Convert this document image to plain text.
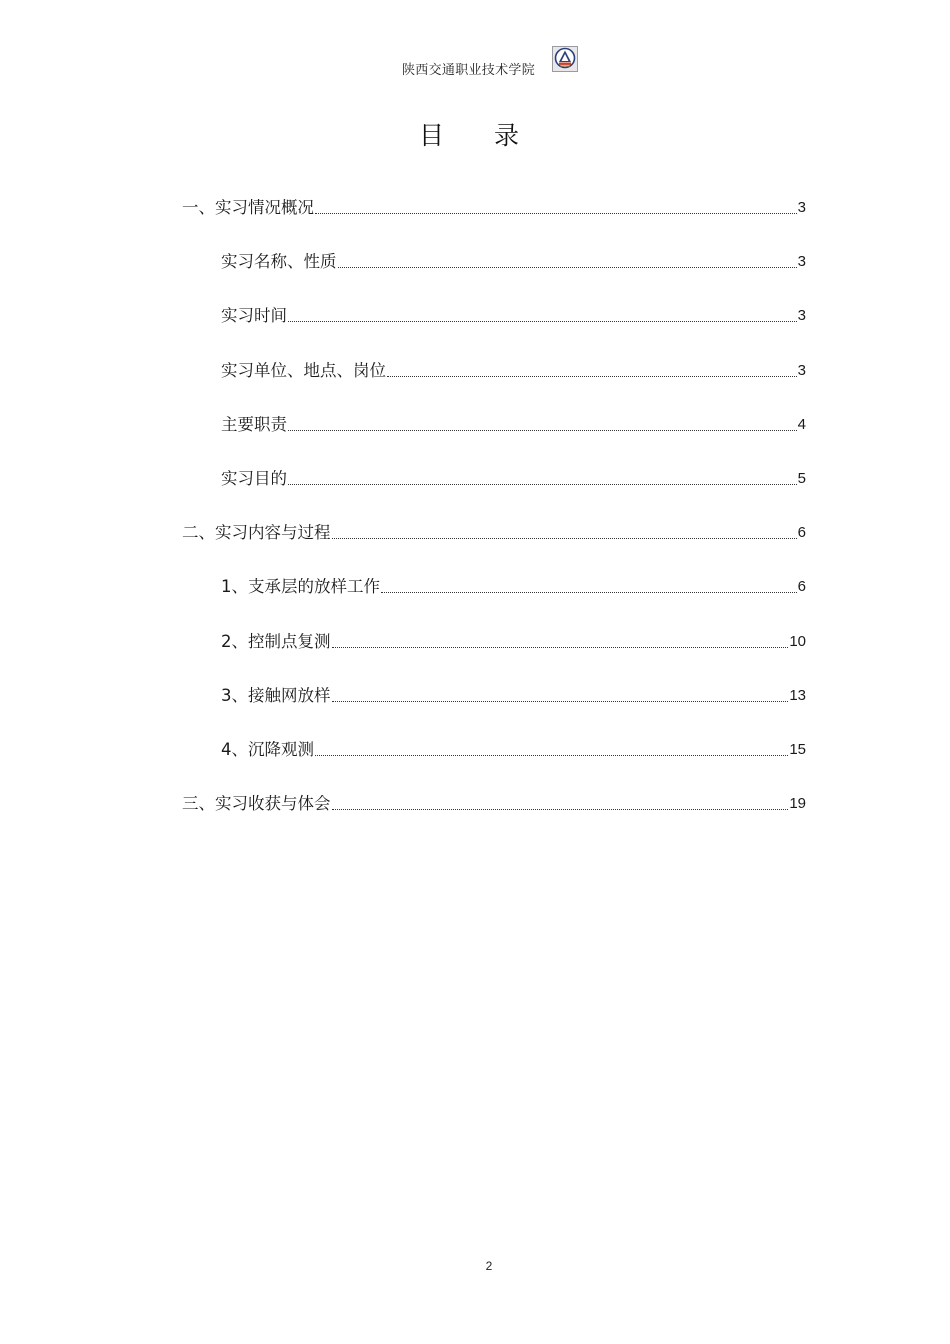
陕西交通职业技术学院
目录
一、实习情况概况	3
实习名称、性质	3
实习时间	3
实习单位、地点、岗位	3
主要职责	4
实习目的	5
二、实习内容与过程	6
1、支承层的放样工作	6
2、控制点复测	10
3、接触网放样	13
4、沉降观测	15
三、实习收获与体会	19
2
